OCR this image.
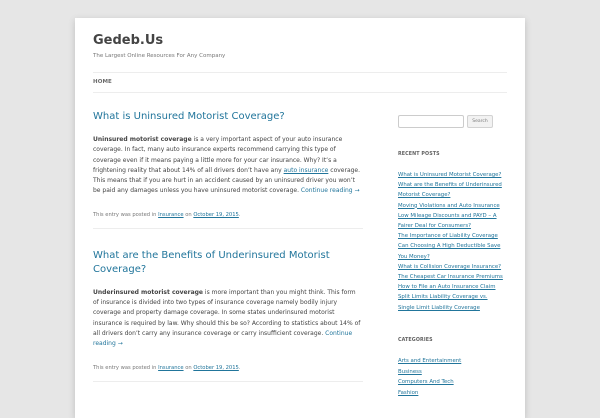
Gedeb.Us
The Largest Online Resources For Any Company
HOME
What is Uninsured Motorist Coverage?
Uninsured motorist coverage is a very important aspect of your auto insurance coverage. In fact, many auto insurance experts recommend carrying this type of coverage even if it means paying a little more for your car insurance. Why? It’s a frightening reality that about 14% of all drivers don’t have any auto insurance coverage. This means that if you are hurt in an accident caused by an uninsured driver you won’t be paid any damages unless you have uninsured motorist coverage. Continue reading →
This entry was posted in Insurance on October 19, 2015.
What are the Benefits of Underinsured Motorist Coverage?
Underinsured motorist coverage is more important than you might think. This form of insurance is divided into two types of insurance coverage namely bodily injury coverage and property damage coverage. In some states underinsured motorist insurance is required by law. Why should this be so? According to statistics about 14% of all drivers don’t carry any insurance coverage or carry insufficient coverage. Continue reading →
This entry was posted in Insurance on October 19, 2015.
Search
RECENT POSTS
What is Uninsured Motorist Coverage?
What are the Benefits of Underinsured Motorist Coverage?
Moving Violations and Auto Insurance
Low Mileage Discounts and PAYD – A Fairer Deal for Consumers?
The Importance of Liability Coverage
Can Choosing A High Deductible Save You Money?
What is Collision Coverage Insurance?
The Cheapest Car Insurance Premiums
How to File an Auto Insurance Claim
Split Limits Liability Coverage vs. Single Limit Liability Coverage
CATEGORIES
Arts and Entertainment
Business
Computers And Tech
Fashion
